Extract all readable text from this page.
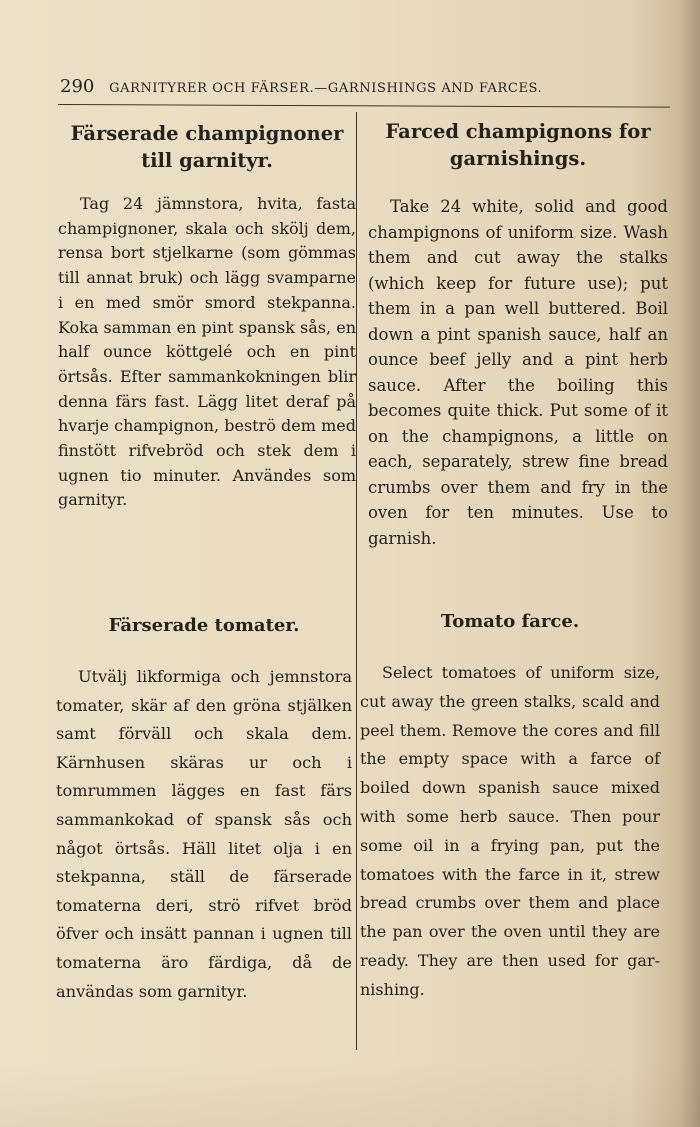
290 GARNITYRER OCH FÄRSER.—GARNISHINGS AND FARCES.
Färserade champignoner till garnityr.

Tag 24 jämnstora, hvita, fasta champignoner, skala och skölj dem, rensa bort stjelkarne (som gömmas till annat bruk) och lägg svamparne i en med smör smord stekpanna. Koka samman en pint spansk sås, en half ounce köttgelé och en pint örtsås. Efter sammankokningen blir denna färs fast. Lägg litet deraf på hvarje champignon, beströ dem med finstött rifvebröd och stek dem i ugnen tio minuter. Användes som garnityr.

Farced champignons for garnishings.

Take 24 white, solid and good champignons of uniform size. Wash them and cut away the stalks (which keep for future use); put them in a pan well buttered. Boil down a pint spanish sauce, half an ounce beef jelly and a pint herb sauce. After the boiling this becomes quite thick. Put some of it on the champignons, a little on each, separately, strew fine bread crumbs over them and fry in the oven for ten minutes. Use to garnish.

Färserade tomater.

Utvälj likformiga och jemnstora tomater, skär af den gröna stjälken samt förväll och skala dem. Kärnhusen skäras ur och i tomrummen lägges en fast färs sammankokad of spansk sås och något örtsås. Häll litet olja i en stekpanna, ställ de färserade tomaterna deri, strö rifvet bröd öfver och insätt pannan i ugnen till tomaterna äro färdiga, då de användas som garnityr.

Tomato farce.

Select tomatoes of uniform size, cut away the green stalks, scald and peel them. Remove the cores and fill the empty space with a farce of boiled down spanish sauce mixed with some herb sauce. Then pour some oil in a frying pan, put the tomatoes with the farce in it, strew bread crumbs over them and place the pan over the oven until they are ready. They are then used for garnishing.
